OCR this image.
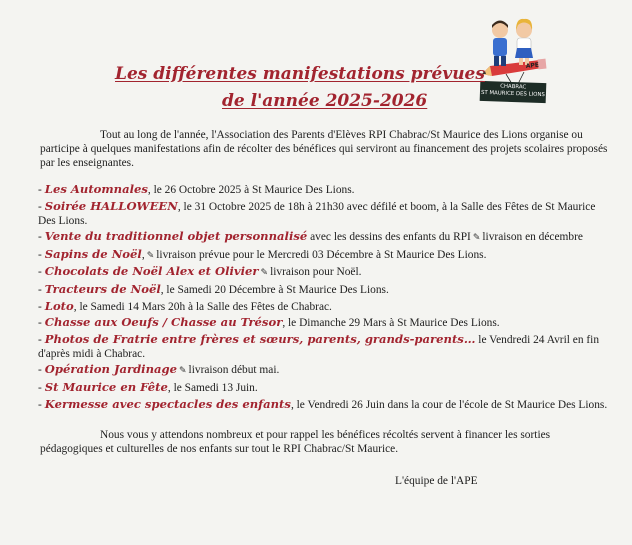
APE
CHABRAC
ST MAURICE DES LIONS
Les différentes manifestations prévues
de l'année 2025-2026

Tout au long de l'année, l'Association des Parents d'Elèves RPI Chabrac/St Maurice des Lions organise ou participe à quelques manifestations afin de récolter des bénéfices qui serviront au financement des projets scolaires proposés par les enseignantes.

- Les Automnales, le 26 Octobre 2025 à St Maurice Des Lions.
- Soirée HALLOWEEN, le 31 Octobre 2025 de 18h à 21h30 avec défilé et boom, à la Salle des Fêtes de St Maurice Des Lions.
- Vente du traditionnel objet personnalisé avec les dessins des enfants du RPI ✎ livraison en décembre
- Sapins de Noël, ✎ livraison prévue pour le Mercredi 03 Décembre à St Maurice Des Lions.
- Chocolats de Noël Alex et Olivier ✎ livraison pour Noël.
- Tracteurs de Noël, le Samedi 20 Décembre à St Maurice Des Lions.
- Loto, le Samedi 14 Mars 20h à la Salle des Fêtes de Chabrac.
- Chasse aux Oeufs / Chasse au Trésor, le Dimanche 29 Mars à St Maurice Des Lions.
- Photos de Fratrie entre frères et sœurs, parents, grands-parents… le Vendredi 24 Avril en fin d'après midi à Chabrac.
- Opération Jardinage ✎ livraison début mai.
- St Maurice en Fête, le Samedi 13 Juin.
- Kermesse avec spectacles des enfants, le Vendredi 26 Juin dans la cour de l'école de St Maurice Des Lions.

Nous vous y attendons nombreux et pour rappel les bénéfices récoltés servent à financer les sorties pédagogiques et culturelles de nos enfants sur tout le RPI Chabrac/St Maurice.

L'équipe de l'APE
